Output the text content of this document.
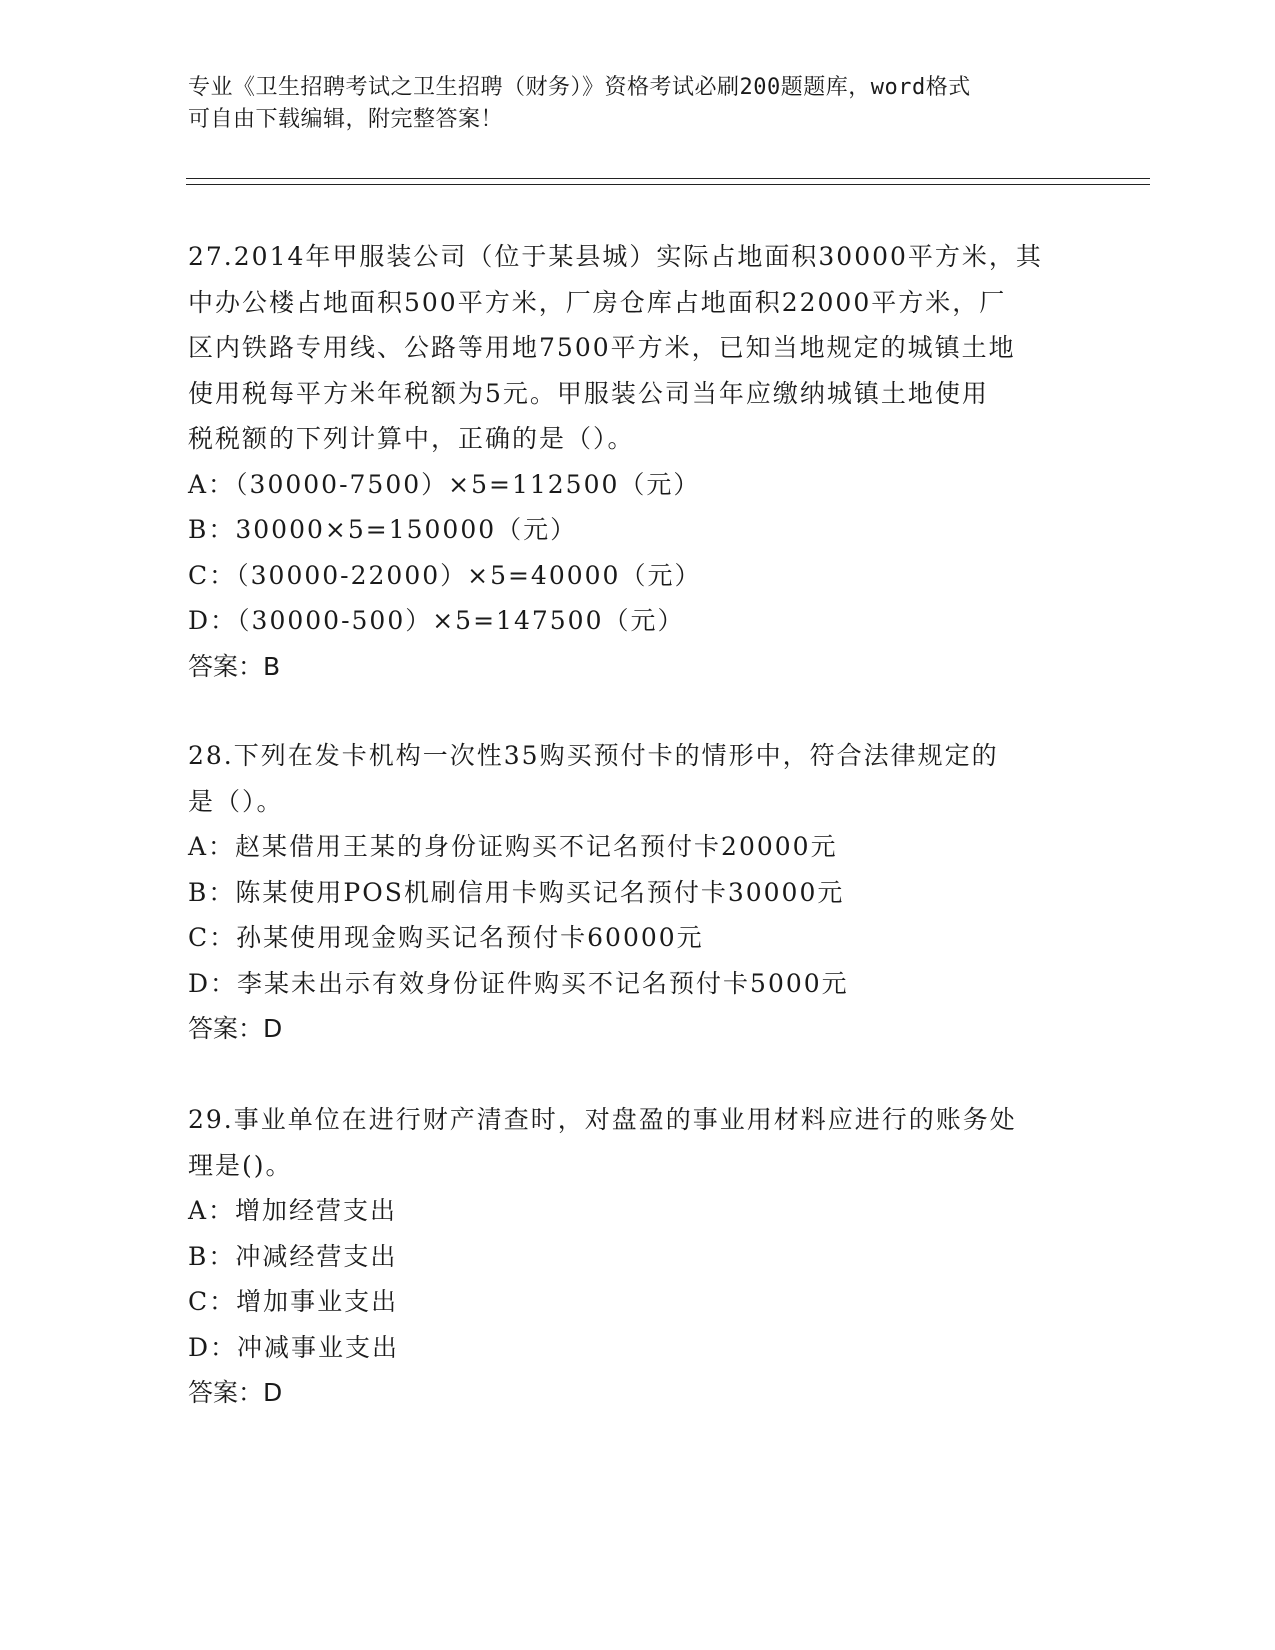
专业《卫生招聘考试之卫生招聘（财务）》资格考试必刷200题题库，word格式
可自由下载编辑，附完整答案！
27.2014年甲服装公司（位于某县城）实际占地面积30000平方米，其
中办公楼占地面积500平方米，厂房仓库占地面积22000平方米，厂
区内铁路专用线、公路等用地7500平方米，已知当地规定的城镇土地
使用税每平方米年税额为5元。甲服装公司当年应缴纳城镇土地使用
税税额的下列计算中，正确的是（）。
A：（30000-7500）×5=112500（元）
B：30000×5=150000（元）
C：（30000-22000）×5=40000（元）
D：（30000-500）×5=147500（元）
答案：B
28.下列在发卡机构一次性35购买预付卡的情形中，符合法律规定的
是（）。
A：赵某借用王某的身份证购买不记名预付卡20000元
B：陈某使用POS机刷信用卡购买记名预付卡30000元
C：孙某使用现金购买记名预付卡60000元
D：李某未出示有效身份证件购买不记名预付卡5000元
答案：D
29.事业单位在进行财产清查时，对盘盈的事业用材料应进行的账务处
理是()。
A：增加经营支出
B：冲减经营支出
C：增加事业支出
D：冲减事业支出
答案：D
